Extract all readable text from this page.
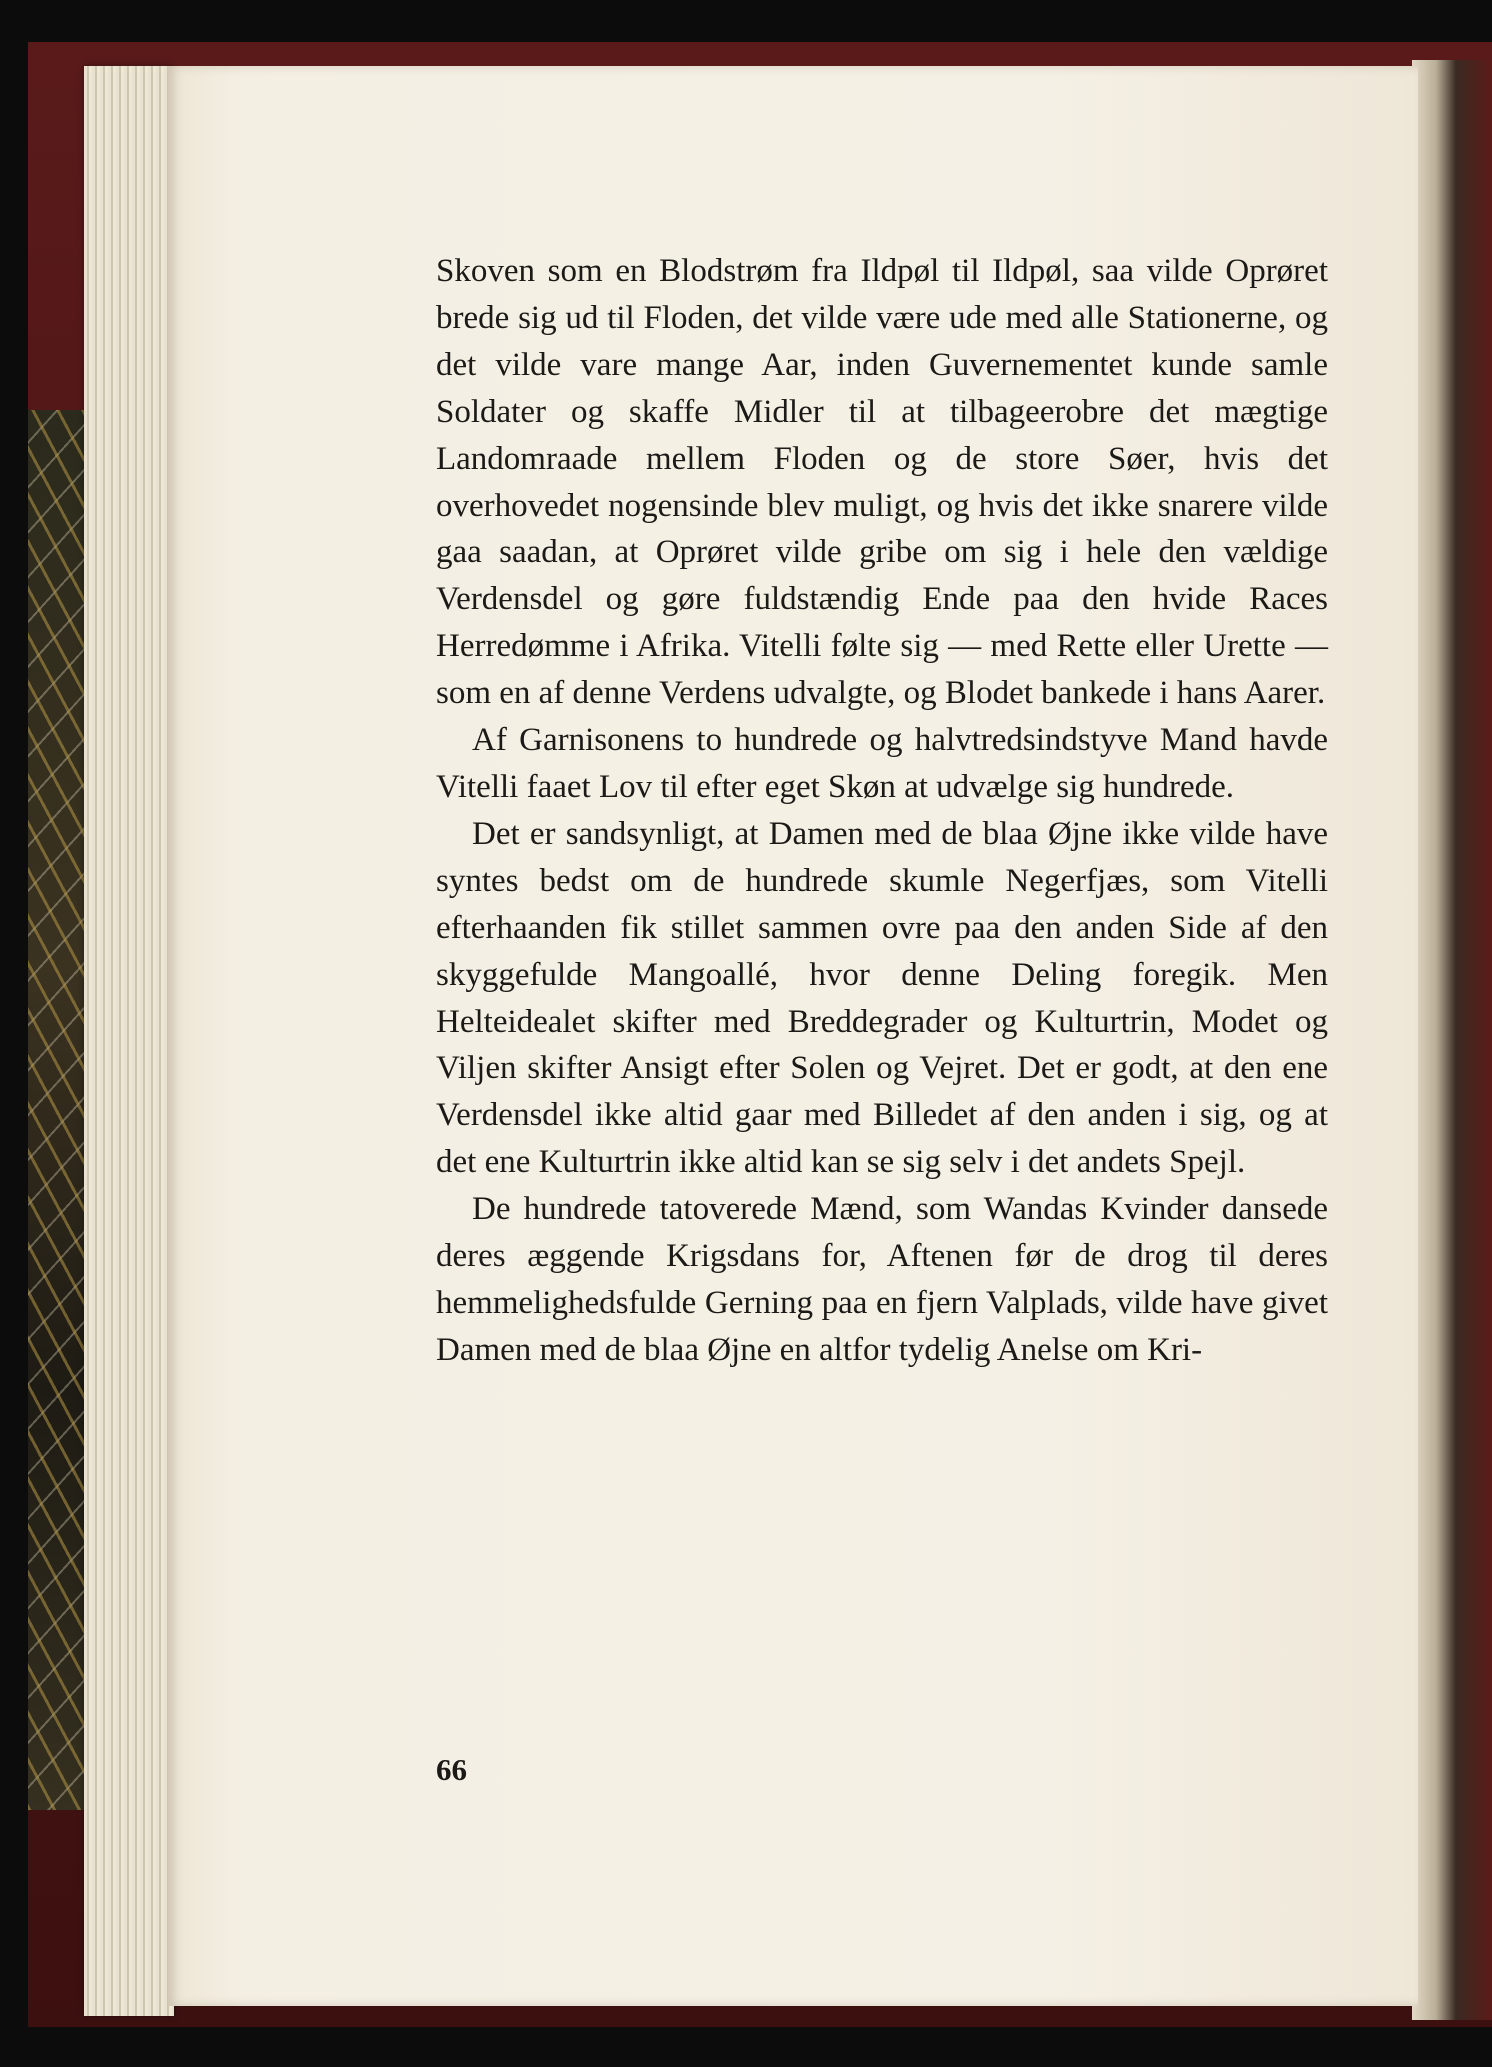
Skoven som en Blodstrøm fra Ildpøl til Ildpøl, saa vilde Oprøret brede sig ud til Floden, det vilde være ude med alle Stationerne, og det vilde vare mange Aar, inden Guvernementet kunde samle Soldater og skaffe Midler til at tilbageerobre det mægtige Landomraade mellem Floden og de store Søer, hvis det overhovedet nogensinde blev muligt, og hvis det ikke snarere vilde gaa saadan, at Oprøret vilde gribe om sig i hele den vældige Verdensdel og gøre fuldstændig Ende paa den hvide Races Herredømme i Afrika. Vitelli følte sig — med Rette eller Urette — som en af denne Verdens udvalgte, og Blodet bankede i hans Aarer.

Af Garnisonens to hundrede og halvtredsindstyve Mand havde Vitelli faaet Lov til efter eget Skøn at udvælge sig hundrede.

Det er sandsynligt, at Damen med de blaa Øjne ikke vilde have syntes bedst om de hundrede skumle Negerfjæs, som Vitelli efterhaanden fik stillet sammen ovre paa den anden Side af den skyggefulde Mangoallé, hvor denne Deling foregik. Men Helteidealet skifter med Breddegrader og Kulturtrin, Modet og Viljen skifter Ansigt efter Solen og Vejret. Det er godt, at den ene Verdensdel ikke altid gaar med Billedet af den anden i sig, og at det ene Kulturtrin ikke altid kan se sig selv i det andets Spejl.

De hundrede tatoverede Mænd, som Wandas Kvinder dansede deres æggende Krigsdans for, Aftenen før de drog til deres hemmelighedsfulde Gerning paa en fjern Valplads, vilde have givet Damen med de blaa Øjne en altfor tydelig Anelse om Kri-

66
